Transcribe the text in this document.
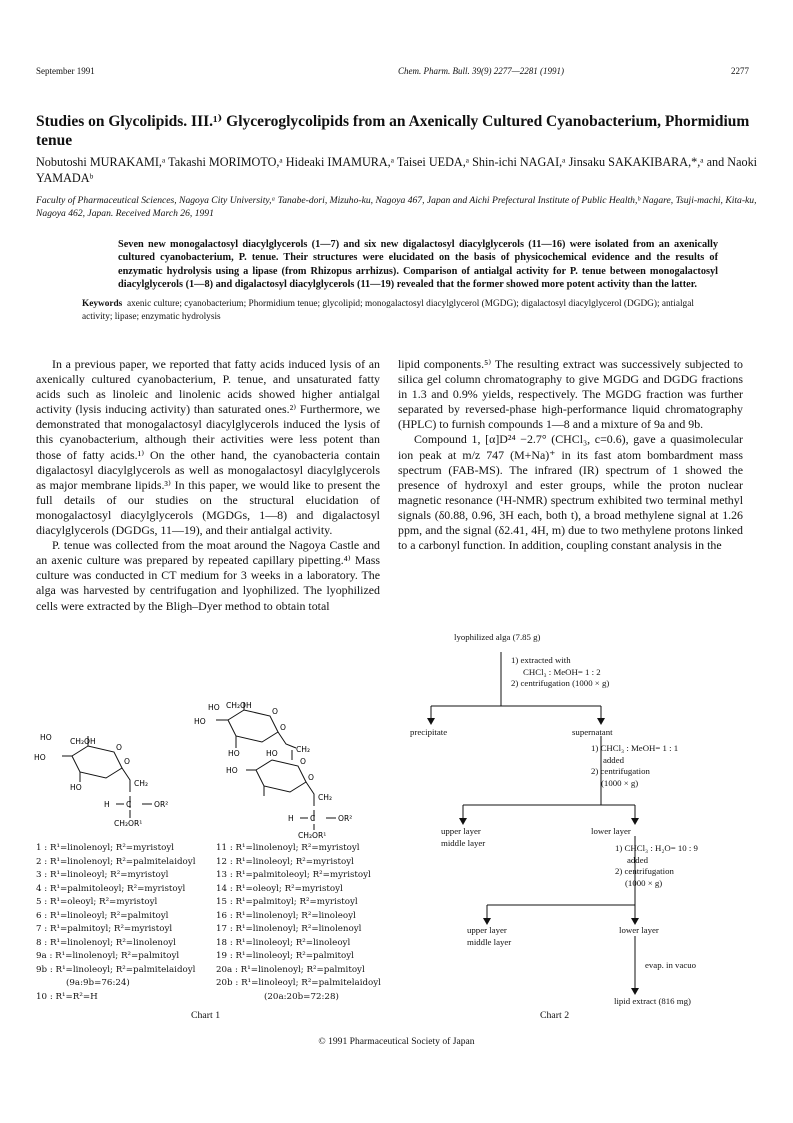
September 1991	Chem. Pharm. Bull. 39(9) 2277—2281 (1991)	2277
Studies on Glycolipids. III.¹⁾ Glyceroglycolipids from an Axenically Cultured Cyanobacterium, Phormidium tenue
Nobutoshi MURAKAMI,ᵃ Takashi MORIMOTO,ᵃ Hideaki IMAMURA,ᵃ Taisei UEDA,ᵃ Shin-ichi NAGAI,ᵃ Jinsaku SAKAKIBARA,*,ᵃ and Naoki YAMADAᵇ
Faculty of Pharmaceutical Sciences, Nagoya City University,ᵃ Tanabe-dori, Mizuho-ku, Nagoya 467, Japan and Aichi Prefectural Institute of Public Health,ᵇ Nagare, Tsuji-machi, Kita-ku, Nagoya 462, Japan. Received March 26, 1991
Seven new monogalactosyl diacylglycerols (1—7) and six new digalactosyl diacylglycerols (11—16) were isolated from an axenically cultured cyanobacterium, P. tenue. Their structures were elucidated on the basis of physicochemical evidence and the results of enzymatic hydrolysis using a lipase (from Rhizopus arrhizus). Comparison of antialgal activity for P. tenue between monogalactosyl diacylglycerols (1—8) and digalactosyl diacylglycerols (11—19) revealed that the former showed more potent activity than the latter.
Keywords axenic culture; cyanobacterium; Phormidium tenue; glycolipid; monogalactosyl diacylglycerol (MGDG); digalactosyl diacylglycerol (DGDG); antialgal activity; lipase; enzymatic hydrolysis

In a previous paper, we reported that fatty acids induced lysis of an axenically cultured cyanobacterium, P. tenue, and unsaturated fatty acids such as linoleic and linolenic acids showed higher antialgal activity (lysis inducing activity) than saturated ones.²⁾ Furthermore, we demonstrated that monogalactosyl diacylglycerols induced the lysis of this cyanobacterium, although their activities were less potent than those of fatty acids.¹⁾ On the other hand, the cyanobacteria contain digalactosyl diacylglycerols as well as monogalactosyl diacylglycerols as major membrane lipids.³⁾ In this paper, we would like to present the full details of our studies on the structural elucidation of monogalactosyl diacylglycerols (MGDGs, 1—8) and digalactosyl diacylglycerols (DGDGs, 11—19), and their antialgal activity.

P. tenue was collected from the moat around the Nagoya Castle and an axenic culture was prepared by repeated capillary pipetting.⁴⁾ Mass culture was conducted in CT medium for 3 weeks in a laboratory. The alga was harvested by centrifugation and lyophilized. The lyophilized cells were extracted by the Bligh–Dyer method to obtain total

lipid components.⁵⁾ The resulting extract was successively subjected to silica gel column chromatography to give MGDG and DGDG fractions in 1.3 and 0.9% yields, respectively. The MGDG fraction was further separated by reversed-phase high-performance liquid chromatography (HPLC) to furnish compounds 1—8 and a mixture of 9a and 9b.

Compound 1, [α]D²⁴ −2.7° (CHCl₃, c=0.6), gave a quasimolecular ion peak at m/z 747 (M+Na)⁺ in its fast atom bombardment mass spectrum (FAB-MS). The infrared (IR) spectrum of 1 showed the presence of hydroxyl and ester groups, while the proton nuclear magnetic resonance (¹H-NMR) spectrum exhibited two terminal methyl signals (δ0.88, 0.96, 3H each, both t), a broad methylene signal at 1.26 ppm, and the signal (δ2.41, 4H, m) due to two methylene protons linked to a carbonyl function. In addition, coupling constant analysis in the

HO CH₂OH
HO
O
HO
O
CH₂
H C	OR²
CH₂OR¹
HO CH₂OH
HO
O
HO
O
CH₂
HO
O
HO
O
CH₂
H C	OR²
CH₂OR¹
1 : R¹=linolenoyl; R²=myristoyl
2 : R¹=linolenoyl; R²=palmitelaidoyl
3 : R¹=linoleoyl; R²=myristoyl
4 : R¹=palmitoleoyl; R²=myristoyl
5 : R¹=oleoyl; R²=myristoyl
6 : R¹=linoleoyl; R²=palmitoyl
7 : R¹=palmitoyl; R²=myristoyl
8 : R¹=linolenoyl; R²=linolenoyl
9a : R¹=linolenoyl; R²=palmitoyl
9b : R¹=linoleoyl; R²=palmitelaidoyl
(9a:9b=76:24)
10 : R¹=R²=H
11 : R¹=linolenoyl; R²=myristoyl
12 : R¹=linoleoyl; R²=myristoyl
13 : R¹=palmitoleoyl; R²=myristoyl
14 : R¹=oleoyl; R²=myristoyl
15 : R¹=palmitoyl; R²=myristoyl
16 : R¹=linolenoyl; R²=linoleoyl
17 : R¹=linolenoyl; R²=linolenoyl
18 : R¹=linoleoyl; R²=linoleoyl
19 : R¹=linoleoyl; R²=palmitoyl
20a : R¹=linolenoyl; R²=palmitoyl
20b : R¹=linoleoyl; R²=palmitelaidoyl
(20a:20b=72:28)
Chart 1
lyophilized alga (7.85 g)
1) extracted with
CHCl₃ : MeOH= 1 : 2
2) centrifugation (1000 × g)
precipitate	supernatant
1) CHCl₃ : MeOH= 1 : 1
added
2) centrifugation
(1000 × g)
upper layer
middle layer
lower layer
1) CHCl₃ : H₂O= 10 : 9
added
2) centrifugation
(1000 × g)
upper layer
middle layer
lower layer
evap. in vacuo
lipid extract (816 mg)
Chart 2
© 1991 Pharmaceutical Society of Japan
